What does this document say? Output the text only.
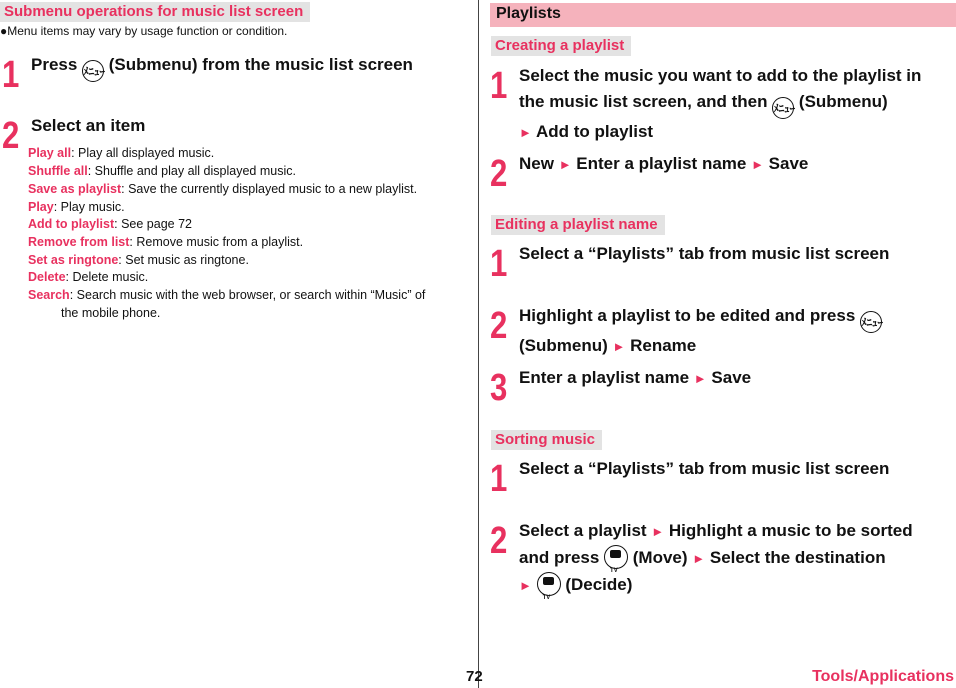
Submenu operations for music list screen
●Menu items may vary by usage function or condition.
1 Press ﾒﾆｭｰ (Submenu) from the music list screen
2 Select an item
Play all: Play all displayed music.
Shuffle all: Shuffle and play all displayed music.
Save as playlist: Save the currently displayed music to a new playlist.
Play: Play music.
Add to playlist: See page 72
Remove from list: Remove music from a playlist.
Set as ringtone: Set music as ringtone.
Delete: Delete music.
Search: Search music with the web browser, or search within “Music” of
the mobile phone.
Playlists
Creating a playlist
1 Select the music you want to add to the playlist in
the music list screen, and then ﾒﾆｭｰ (Submenu)
► Add to playlist
2 New ► Enter a playlist name ► Save
Editing a playlist name
1 Select a “Playlists” tab from music list screen
2 Highlight a playlist to be edited and press ﾒﾆｭｰ
(Submenu) ► Rename
3 Enter a playlist name ► Save
Sorting music
1 Select a “Playlists” tab from music list screen
2 Select a playlist ► Highlight a music to be sorted
and press
TV
(Move) ► Select the destination
►
TV
(Decide)
72	Tools/Applications
